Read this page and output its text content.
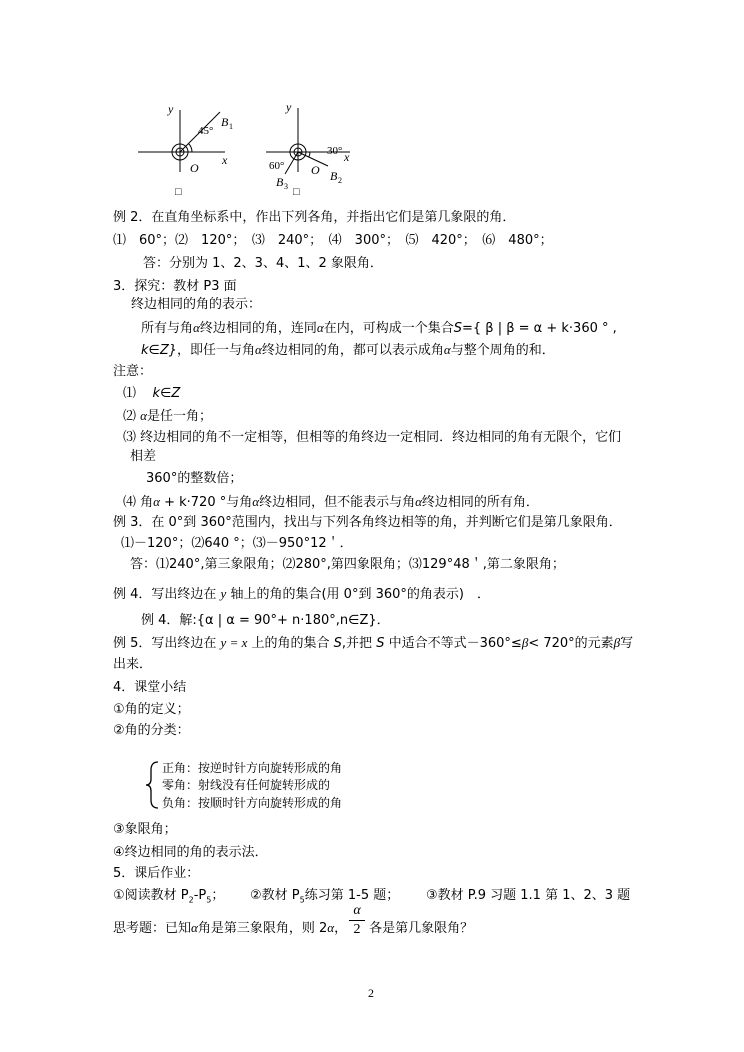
y
x
O
45°
B 1
□
y
x
O
30°
60°
B 3
B 2
□
例 2．在直角坐标系中，作出下列各角，并指出它们是第几象限的角．
⑴　60°；⑵　120°；　⑶　240°；　⑷　300°；　⑸　420°；　⑹　480°；
答：分别为 1、2、3、4、1、2 象限角．
3．探究：教材 P3 面
终边相同的角的表示：
所有与角α终边相同的角，连同α在内，可构成一个集合S={ β | β = α + k·360 ° ,
k∈Z}，即任一与角α终边相同的角，都可以表示成角α与整个周角的和．
注意：
⑴ k∈Z
⑵ α是任一角；
⑶ 终边相同的角不一定相等，但相等的角终边一定相同．终边相同的角有无限个，它们
相差
360°的整数倍；
⑷ 角α + k·720 °与角α终边相同，但不能表示与角α终边相同的所有角．
例 3．在 0°到 360°范围内，找出与下列各角终边相等的角，并判断它们是第几象限角．
⑴－120°；⑵640 °；⑶－950°12＇．
答：⑴240°,第三象限角；⑵280°,第四象限角；⑶129°48＇,第二象限角；
例 4．写出终边在 y 轴上的角的集合(用 0°到 360°的角表示)　．
例 4．解:{α | α = 90°+ n·180°,n∈Z}．
例 5．写出终边在 y = x 上的角的集合 S,并把 S 中适合不等式－360°≤β< 720°的元素β写
出来．
4．课堂小结
①角的定义；
②角的分类：
正角：按逆时针方向旋转形成的角
零角：射线没有任何旋转形成的
负角：按顺时针方向旋转形成的角
③象限角；
④终边相同的角的表示法．
5．课后作业：
①阅读教材 $P_2-P_5$； ②教材 $P_5$练习第 1-5 题； ③教材 P.9 习题 1.1 第 1、2、3 题
思考题：已知α角是第三象限角，则 2α， 各是第几象限角？
α
2
2
